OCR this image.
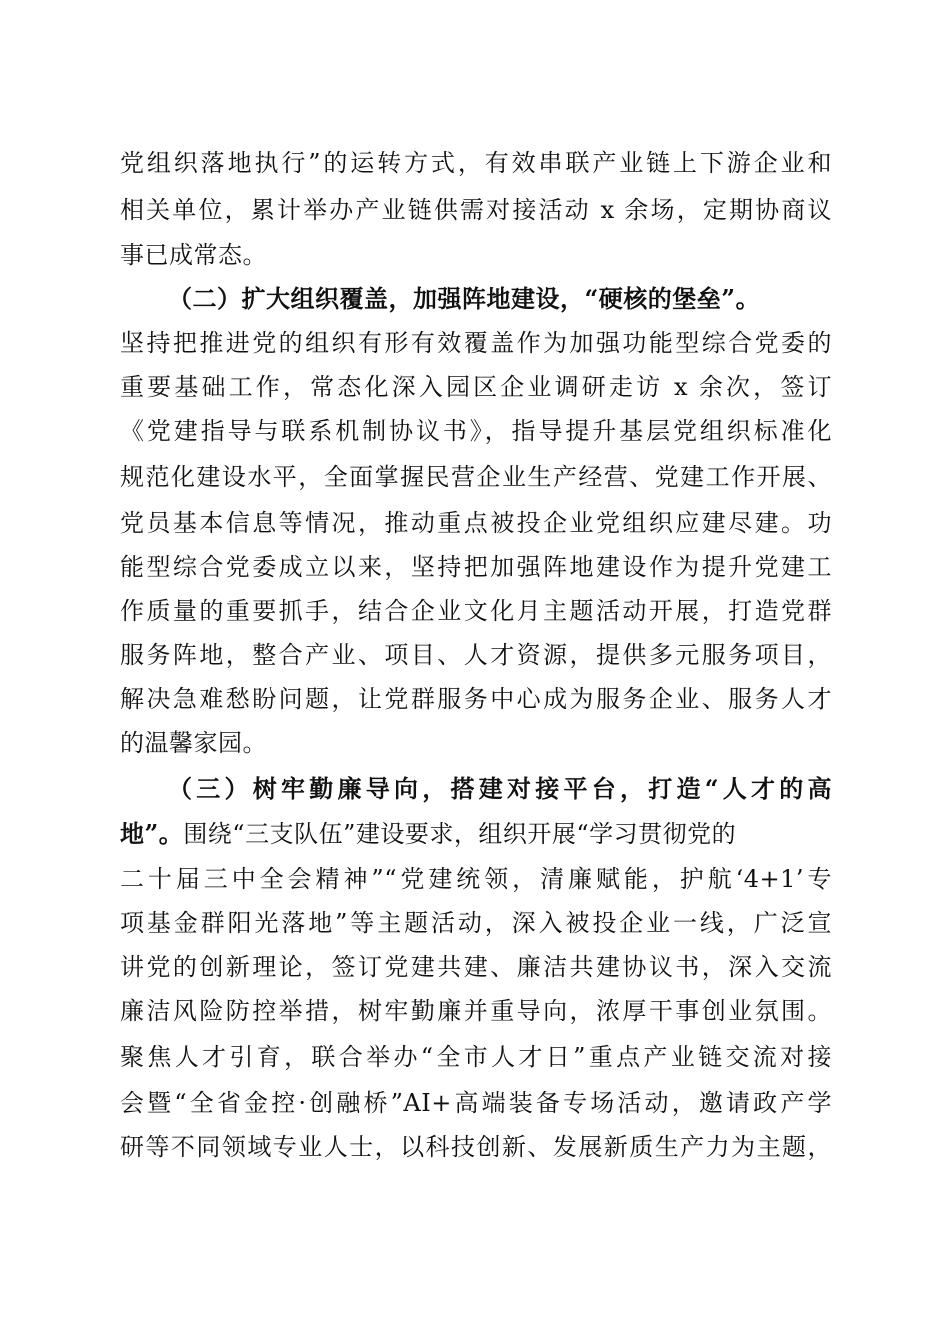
党组织落地执行”的运转方式，有效串联产业链上下游企业和
相关单位，累计举办产业链供需对接活动 x 余场，定期协商议
事已成常态。
（二）扩大组织覆盖，加强阵地建设，“硬核的堡垒”。
坚持把推进党的组织有形有效覆盖作为加强功能型综合党委的
重要基础工作，常态化深入园区企业调研走访 x 余次，签订
《党建指导与联系机制协议书》，指导提升基层党组织标准化
规范化建设水平，全面掌握民营企业生产经营、党建工作开展、
党员基本信息等情况，推动重点被投企业党组织应建尽建。功
能型综合党委成立以来，坚持把加强阵地建设作为提升党建工
作质量的重要抓手，结合企业文化月主题活动开展，打造党群
服务阵地，整合产业、项目、人才资源，提供多元服务项目，
解决急难愁盼问题，让党群服务中心成为服务企业、服务人才
的温馨家园。
（三）树牢勤廉导向，搭建对接平台，打造“人才的高
地”。围绕“三支队伍”建设要求，组织开展“学习贯彻党的
二十届三中全会精神”“党建统领，清廉赋能，护航‘4+1’专
项基金群阳光落地”等主题活动，深入被投企业一线，广泛宣
讲党的创新理论，签订党建共建、廉洁共建协议书，深入交流
廉洁风险防控举措，树牢勤廉并重导向，浓厚干事创业氛围。
聚焦人才引育，联合举办“全市人才日”重点产业链交流对接
会暨“全省金控·创融桥”AI+高端装备专场活动，邀请政产学
研等不同领域专业人士，以科技创新、发展新质生产力为主题，
